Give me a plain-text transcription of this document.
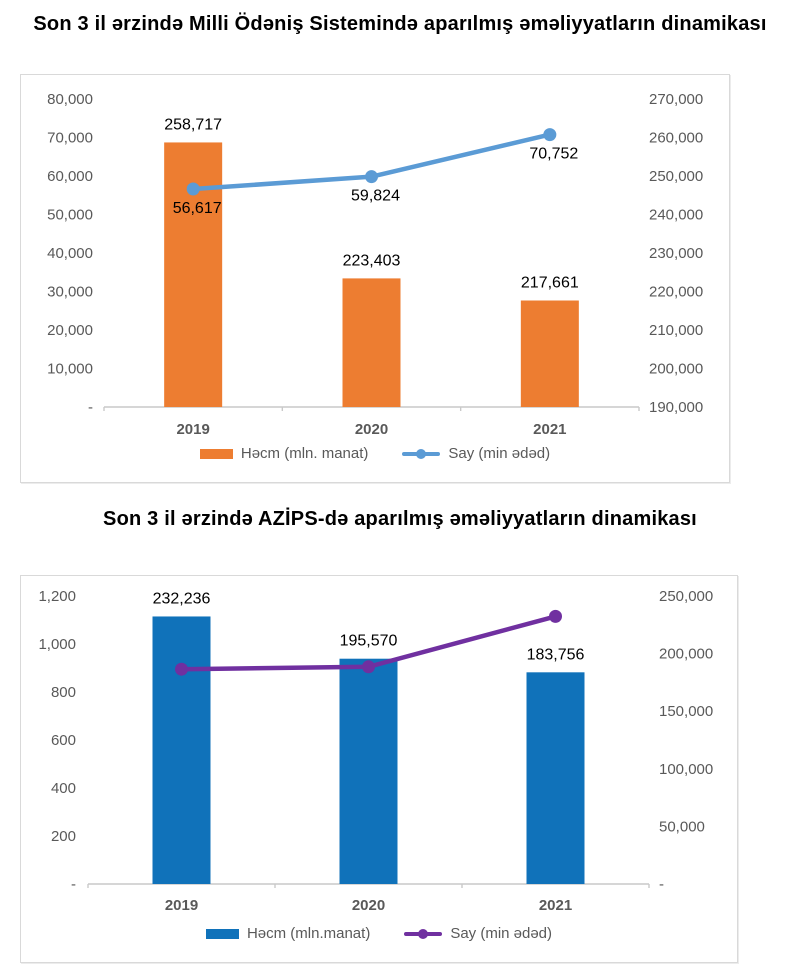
Son 3 il ərzində Milli Ödəniş Sistemində aparılmış əməliyyatların dinamikası
80,000
70,000
60,000
50,000
40,000
30,000
20,000
10,000
-
270,000
260,000
250,000
240,000
230,000
220,000
210,000
200,000
190,000
258,717
223,403
217,661
56,617
59,824
70,752
2019	2020	2021
Həcm (mln. manat)	Say (min ədəd)
Son 3 il ərzində AZİPS-də aparılmış əməliyyatların dinamikası
1,200
1,000
800
600
400
200
-
250,000
200,000
150,000
100,000
50,000
-
232,236
195,570
183,756
2019	2020	2021
Həcm (mln.manat)	Say (min ədəd)
